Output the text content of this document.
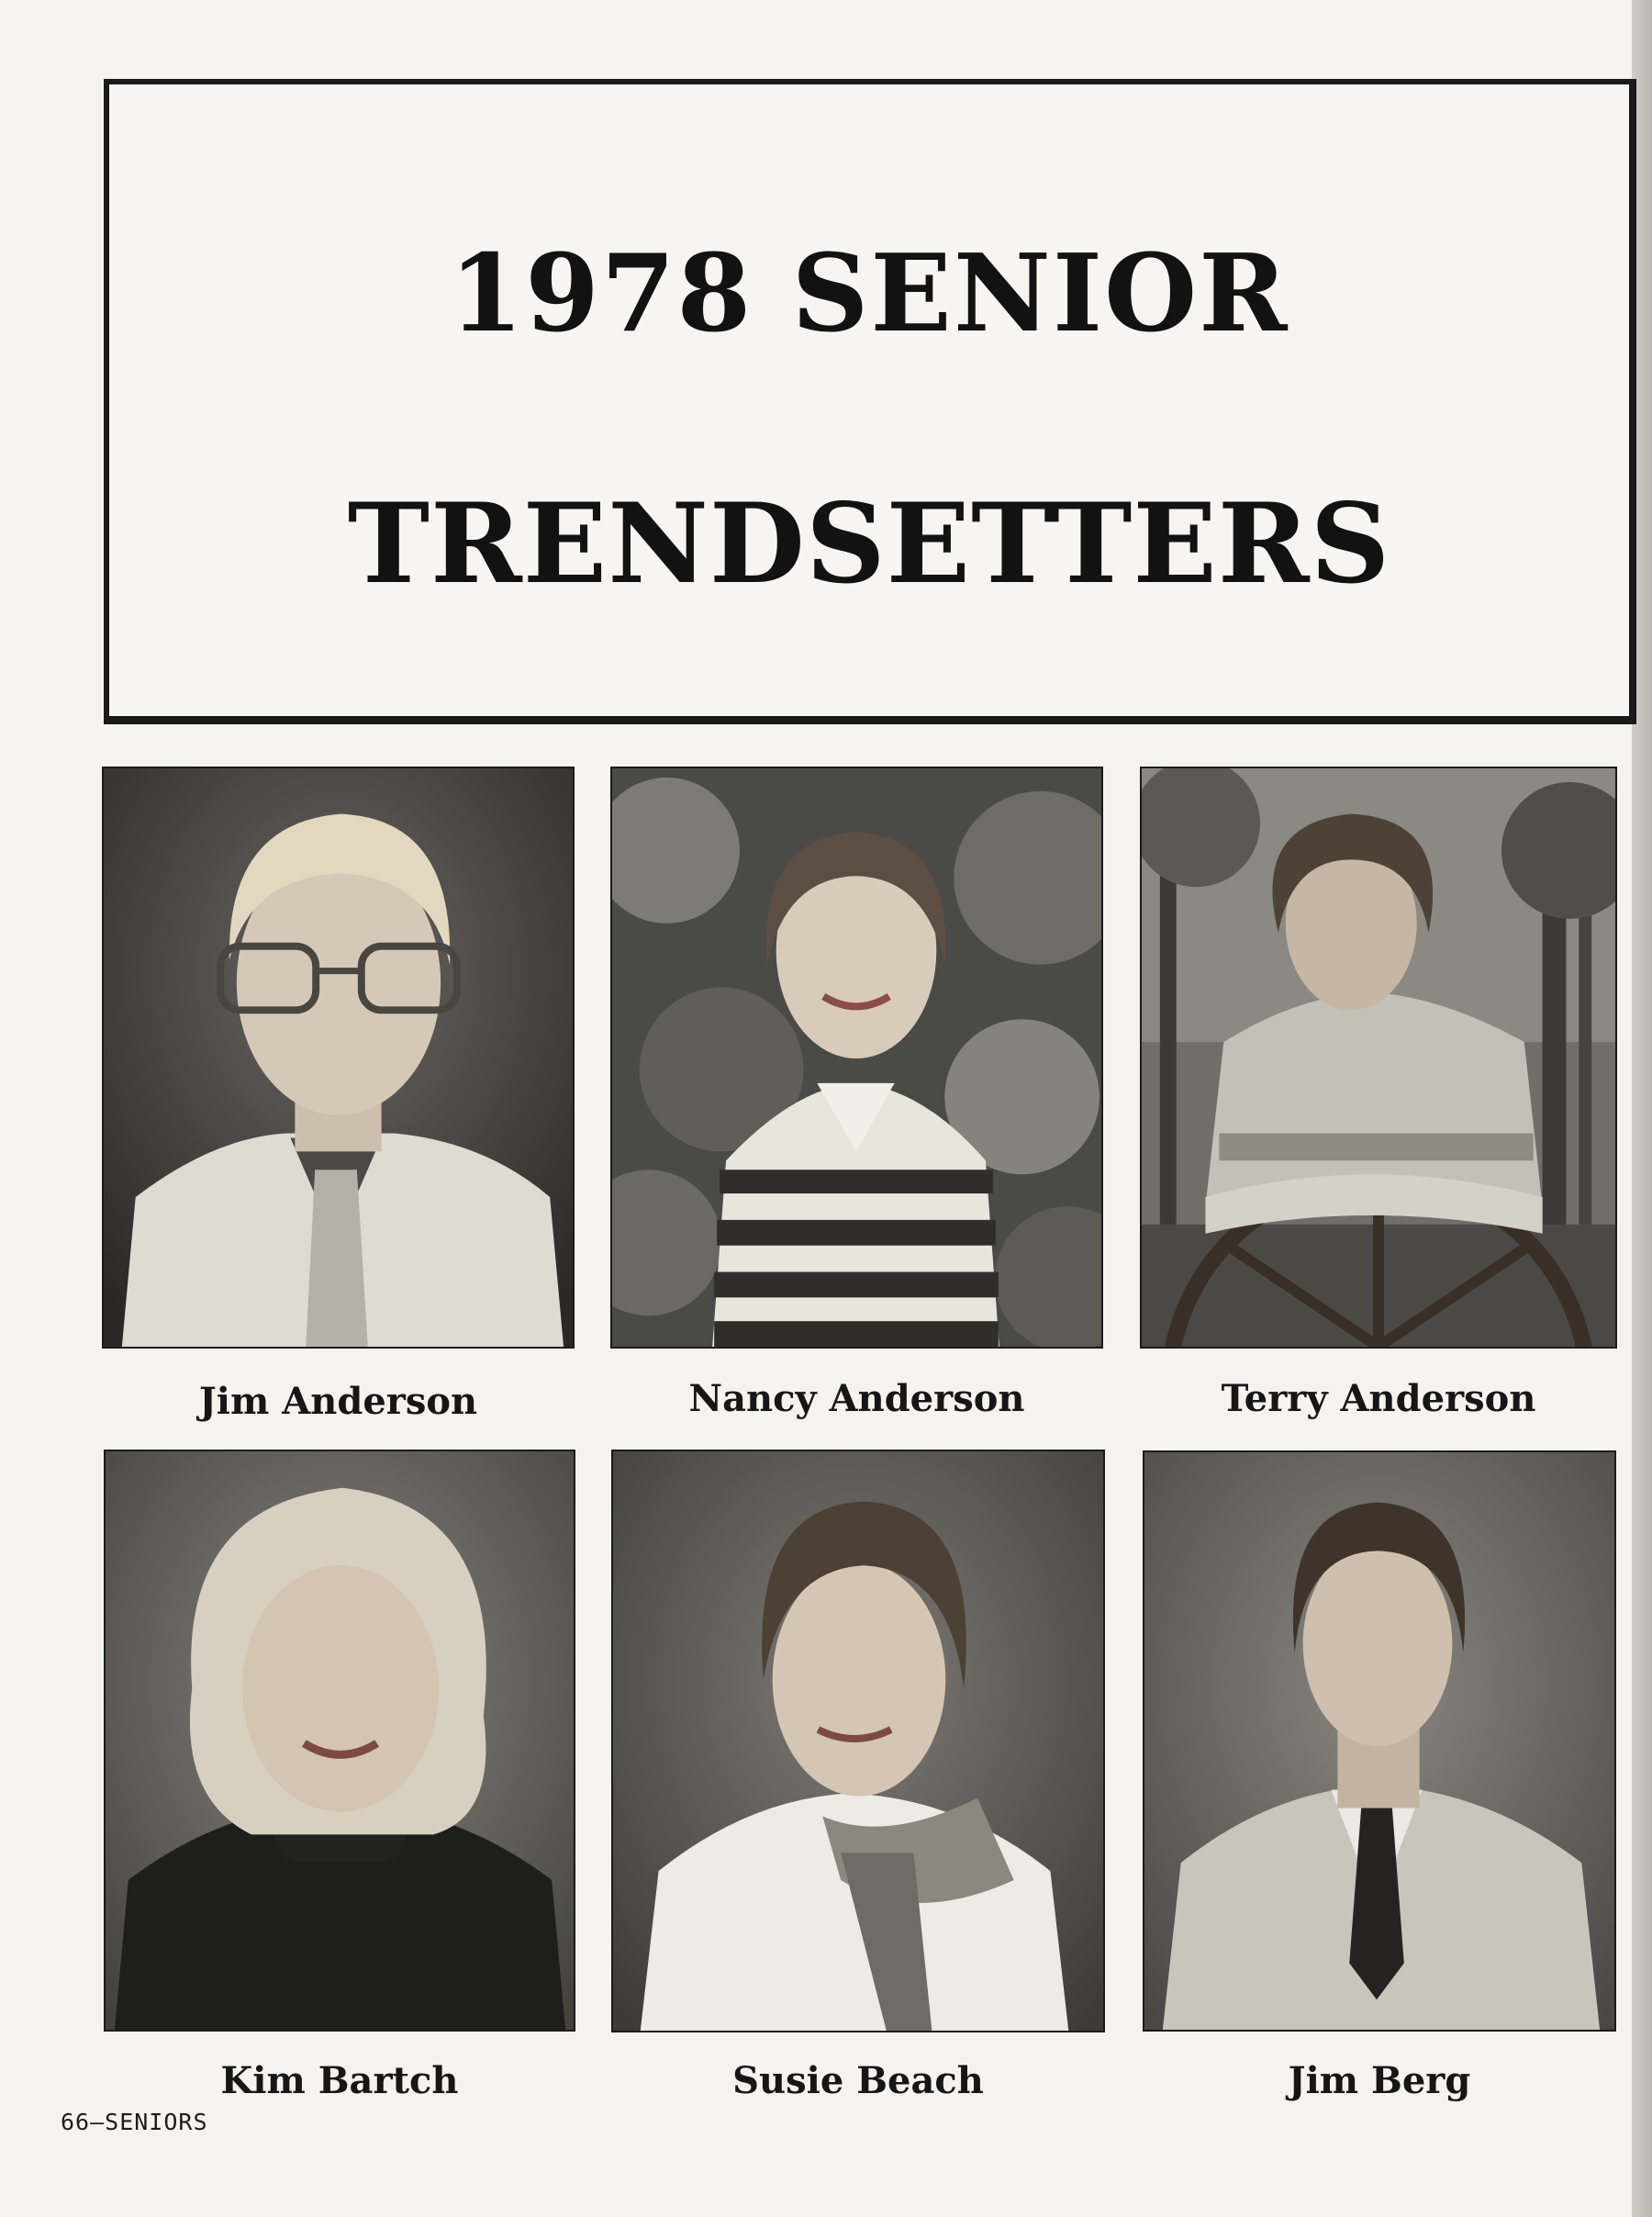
1978 SENIOR
TRENDSETTERS
Jim Anderson	Nancy Anderson	Terry Anderson
Kim Bartch	Susie Beach	Jim Berg
66–SENIORS
